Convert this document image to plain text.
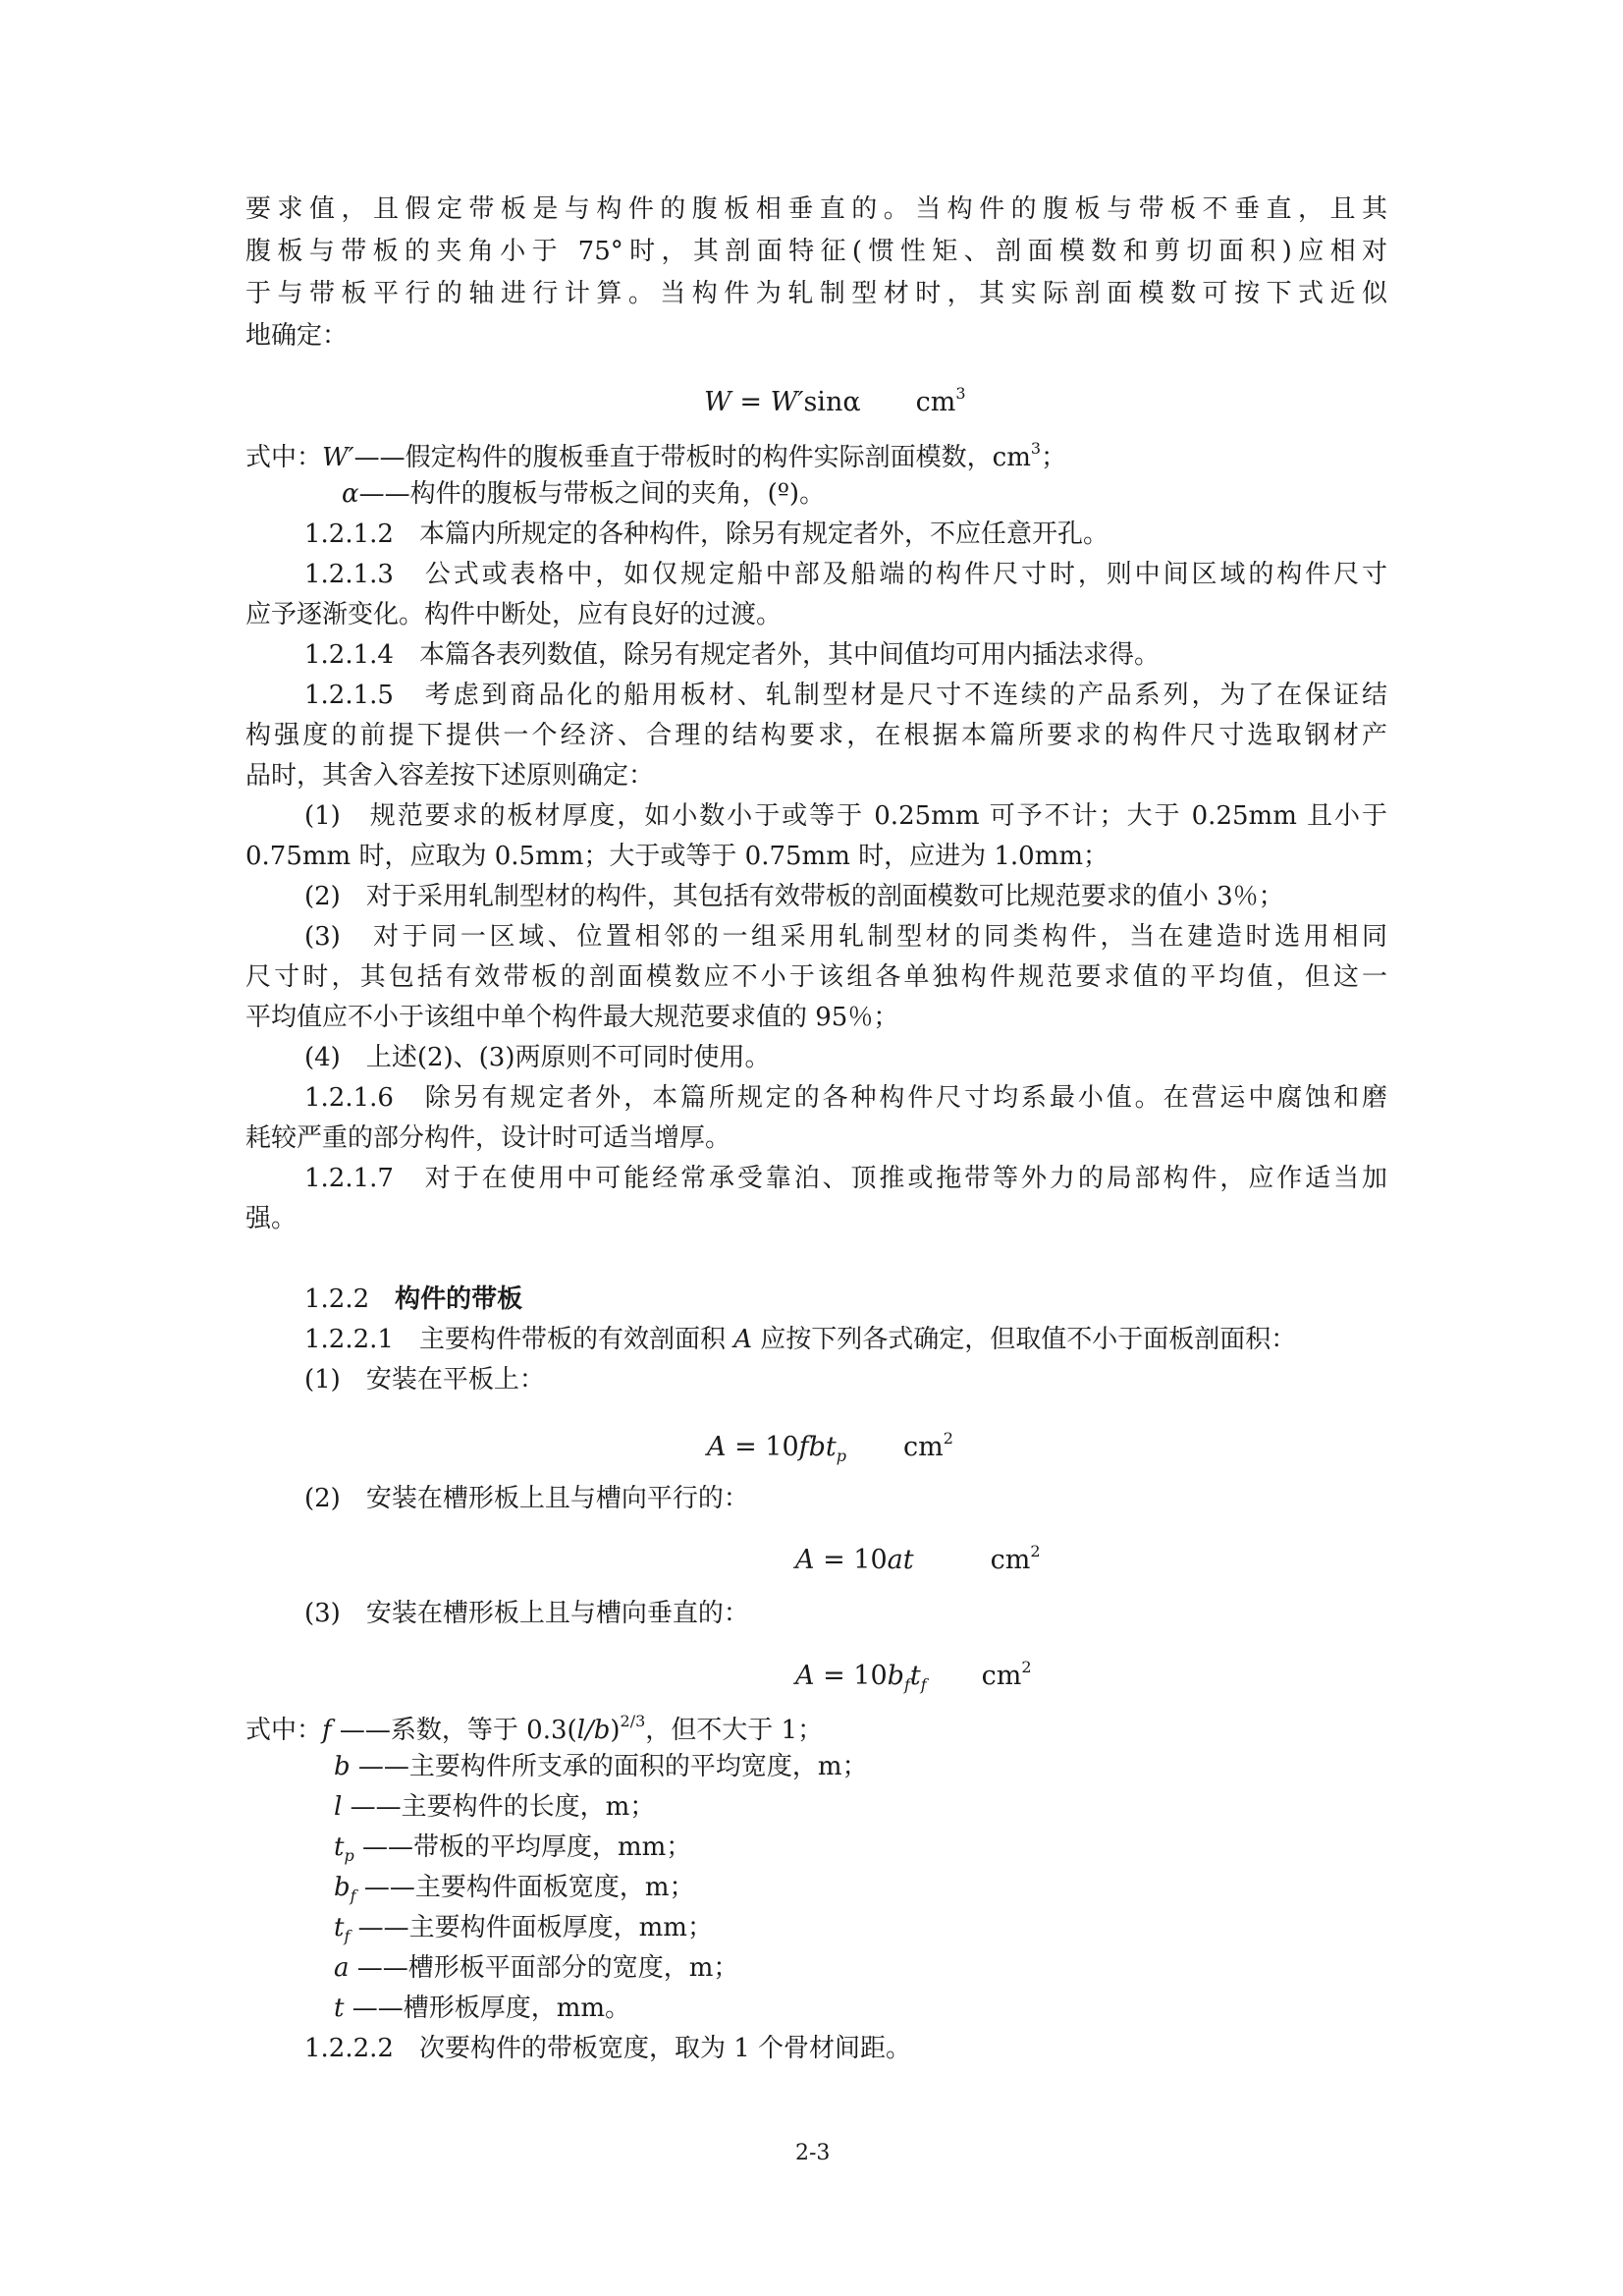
要求值，且假定带板是与构件的腹板相垂直的。当构件的腹板与带板不垂直，且其
腹板与带板的夹角小于 75°时，其剖面特征(惯性矩、剖面模数和剪切面积)应相对
于与带板平行的轴进行计算。当构件为轧制型材时，其实际剖面模数可按下式近似
地确定：
W = W′sinα $cm^3$
式中：W′——假定构件的腹板垂直于带板时的构件实际剖面模数，$cm^3$；
α——构件的腹板与带板之间的夹角，(º)。
1.2.1.2　本篇内所规定的各种构件，除另有规定者外，不应任意开孔。
1.2.1.3　公式或表格中，如仅规定船中部及船端的构件尺寸时，则中间区域的构件尺寸
应予逐渐变化。构件中断处，应有良好的过渡。
1.2.1.4　本篇各表列数值，除另有规定者外，其中间值均可用内插法求得。
1.2.1.5　考虑到商品化的船用板材、轧制型材是尺寸不连续的产品系列，为了在保证结
构强度的前提下提供一个经济、合理的结构要求，在根据本篇所要求的构件尺寸选取钢材产
品时，其舍入容差按下述原则确定：
(1)　规范要求的板材厚度，如小数小于或等于 0.25mm 可予不计；大于 0.25mm 且小于
0.75mm 时，应取为 0.5mm；大于或等于 0.75mm 时，应进为 1.0mm；
(2)　对于采用轧制型材的构件，其包括有效带板的剖面模数可比规范要求的值小 3％；
(3)　对于同一区域、位置相邻的一组采用轧制型材的同类构件，当在建造时选用相同
尺寸时，其包括有效带板的剖面模数应不小于该组各单独构件规范要求值的平均值，但这一
平均值应不小于该组中单个构件最大规范要求值的 95％；
(4)　上述(2)、(3)两原则不可同时使用。
1.2.1.6　除另有规定者外，本篇所规定的各种构件尺寸均系最小值。在营运中腐蚀和磨
耗较严重的部分构件，设计时可适当增厚。
1.2.1.7　对于在使用中可能经常承受靠泊、顶推或拖带等外力的局部构件，应作适当加
强。
1.2.2　构件的带板
1.2.2.1　主要构件带板的有效剖面积 A 应按下列各式确定，但取值不小于面板剖面积：
(1)　安装在平板上：
A = 10fbt$_p$ $cm^2$
(2)　安装在槽形板上且与槽向平行的：
A = 10at	$cm^2$
(3)　安装在槽形板上且与槽向垂直的：
$A = 10b_ft_f$ $cm^2$
式中：f ——系数，等于 $0.3(l/b)^{2/3}$，但不大于 1；
b ——主要构件所支承的面积的平均宽度，m；
l ——主要构件的长度，m；
$t_p$ ——带板的平均厚度，mm；
$b_f$ ——主要构件面板宽度，m；
$t_f$ ——主要构件面板厚度，mm；
a ——槽形板平面部分的宽度，m；
t ——槽形板厚度，mm。
1.2.2.2　次要构件的带板宽度，取为 1 个骨材间距。
2-3
